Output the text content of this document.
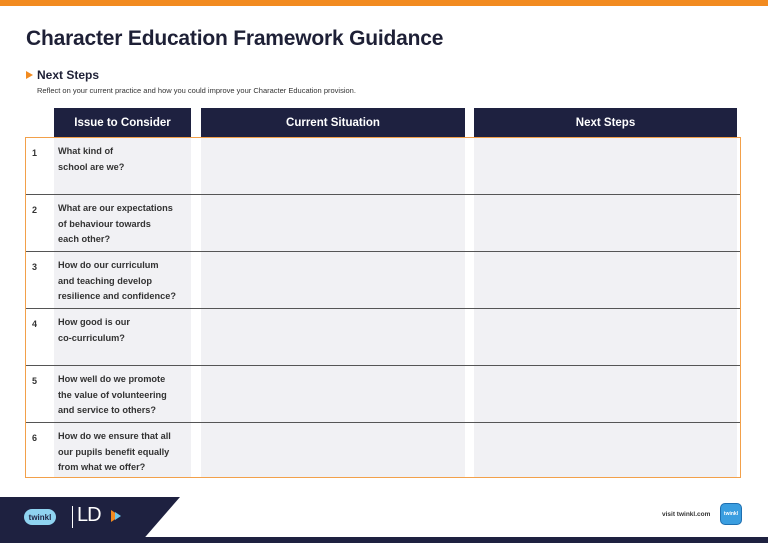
Character Education Framework Guidance
Next Steps
Reflect on your current practice and how you could improve your Character Education provision.
Issue to Consider	Current Situation	Next Steps
1 What kind of
school are we?
2 What are our expectations
of behaviour towards
each other?
3 How do our curriculum
and teaching develop
resilience and confidence?
4 How good is our
co-curriculum?
5 How well do we promote
the value of volunteering
and service to others?
6 How do we ensure that all
our pupils benefit equally
from what we offer?
twinkl LD	visit twinkl.com	twinkl
